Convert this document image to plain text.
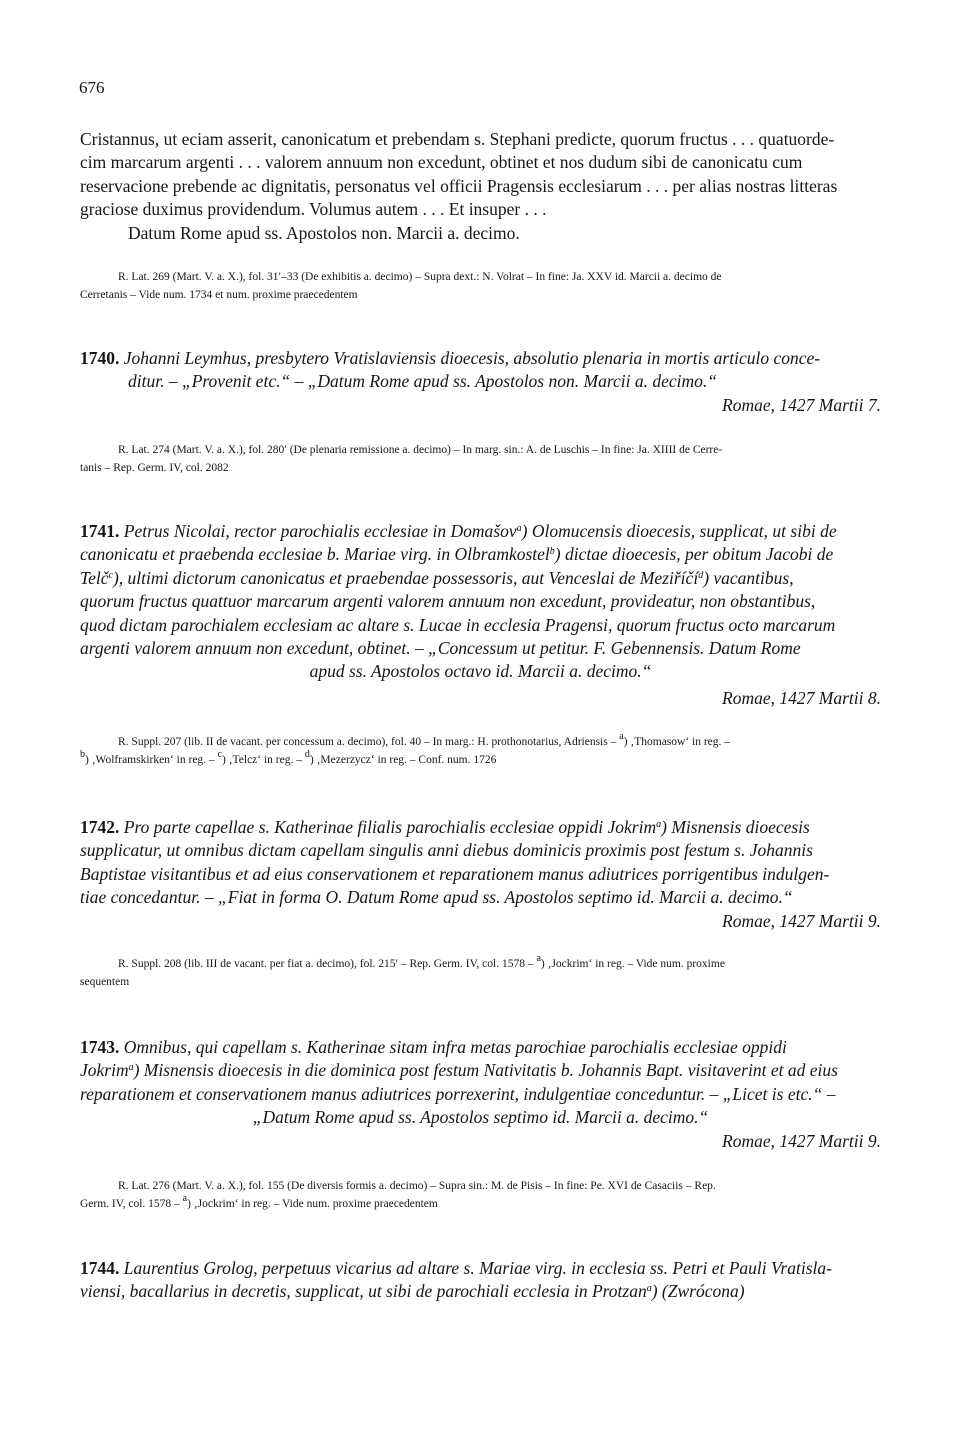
676
Cristannus, ut eciam asserit, canonicatum et prebendam s. Stephani predicte, quorum fructus . . . quatuorde-
cim marcarum argenti . . . valorem annuum non excedunt, obtinet et nos dudum sibi de canonicatu cum
reservacione prebende ac dignitatis, personatus vel officii Pragensis ecclesiarum . . . per alias nostras litteras
graciose duximus providendum. Volumus autem . . . Et insuper . . .
Datum Rome apud ss. Apostolos non. Marcii a. decimo.
R. Lat. 269 (Mart. V. a. X.), fol. 31′–33 (De exhibitis a. decimo) – Supra dext.: N. Volrat – In fine: Ja. XXV id. Marcii a. decimo de
Cerretanis – Vide num. 1734 et num. proxime praecedentem
1740. Johanni Leymhus, presbytero Vratislaviensis dioecesis, absolutio plenaria in mortis articulo conce-
ditur. – „Provenit etc.“ – „Datum Rome apud ss. Apostolos non. Marcii a. decimo.“
Romae, 1427 Martii 7.
R. Lat. 274 (Mart. V. a. X.), fol. 280′ (De plenaria remissione a. decimo) – In marg. sin.: A. de Luschis – In fine: Ja. XIIII de Cerre-
tanis – Rep. Germ. IV, col. 2082
1741. Petrus Nicolai, rector parochialis ecclesiae in Domašov$^a$) Olomucensis dioecesis, supplicat, ut sibi de
canonicatu et praebenda ecclesiae b. Mariae virg. in Olbramkostel$^b$) dictae dioecesis, per obitum Jacobi de
Telč$^c$), ultimi dictorum canonicatus et praebendae possessoris, aut Venceslai de Meziříčí$^d$) vacantibus,
quorum fructus quattuor marcarum argenti valorem annuum non excedunt, provideatur, non obstantibus,
quod dictam parochialem ecclesiam ac altare s. Lucae in ecclesia Pragensi, quorum fructus octo marcarum
argenti valorem annuum non excedunt, obtinet. – „Concessum ut petitur. F. Gebennensis. Datum Rome
apud ss. Apostolos octavo id. Marcii a. decimo.“
Romae, 1427 Martii 8.
R. Suppl. 207 (lib. II de vacant. per concessum a. decimo), fol. 40 – In marg.: H. prothonotarius, Adriensis – $^a$) ‚Thomasow‘ in reg. –
$^b$) ‚Wolframskirken‘ in reg. – $^c$) ‚Telcz‘ in reg. – $^d$) ‚Mezerzycz‘ in reg. – Conf. num. 1726
1742. Pro parte capellae s. Katherinae filialis parochialis ecclesiae oppidi Jokrim$^a$) Misnensis dioecesis
supplicatur, ut omnibus dictam capellam singulis anni diebus dominicis proximis post festum s. Johannis
Baptistae visitantibus et ad eius conservationem et reparationem manus adiutrices porrigentibus indulgen-
tiae concedantur. – „Fiat in forma O. Datum Rome apud ss. Apostolos septimo id. Marcii a. decimo.“
Romae, 1427 Martii 9.
R. Suppl. 208 (lib. III de vacant. per fiat a. decimo), fol. 215′ – Rep. Germ. IV, col. 1578 – $^a$) ‚Jockrim‘ in reg. – Vide num. proxime
sequentem
1743. Omnibus, qui capellam s. Katherinae sitam infra metas parochiae parochialis ecclesiae oppidi
Jokrim$^a$) Misnensis dioecesis in die dominica post festum Nativitatis b. Johannis Bapt. visitaverint et ad eius
reparationem et conservationem manus adiutrices porrexerint, indulgentiae conceduntur. – „Licet is etc.“ –
„Datum Rome apud ss. Apostolos septimo id. Marcii a. decimo.“
Romae, 1427 Martii 9.
R. Lat. 276 (Mart. V. a. X.), fol. 155 (De diversis formis a. decimo) – Supra sin.: M. de Pisis – In fine: Pe. XVI de Casaciis – Rep.
Germ. IV, col. 1578 – $^a$) ‚Jockrim‘ in reg. – Vide num. proxime praecedentem
1744. Laurentius Grolog, perpetuus vicarius ad altare s. Mariae virg. in ecclesia ss. Petri et Pauli Vratisla-
viensi, bacallarius in decretis, supplicat, ut sibi de parochiali ecclesia in Protzan$^a$) (Zwrócona)
